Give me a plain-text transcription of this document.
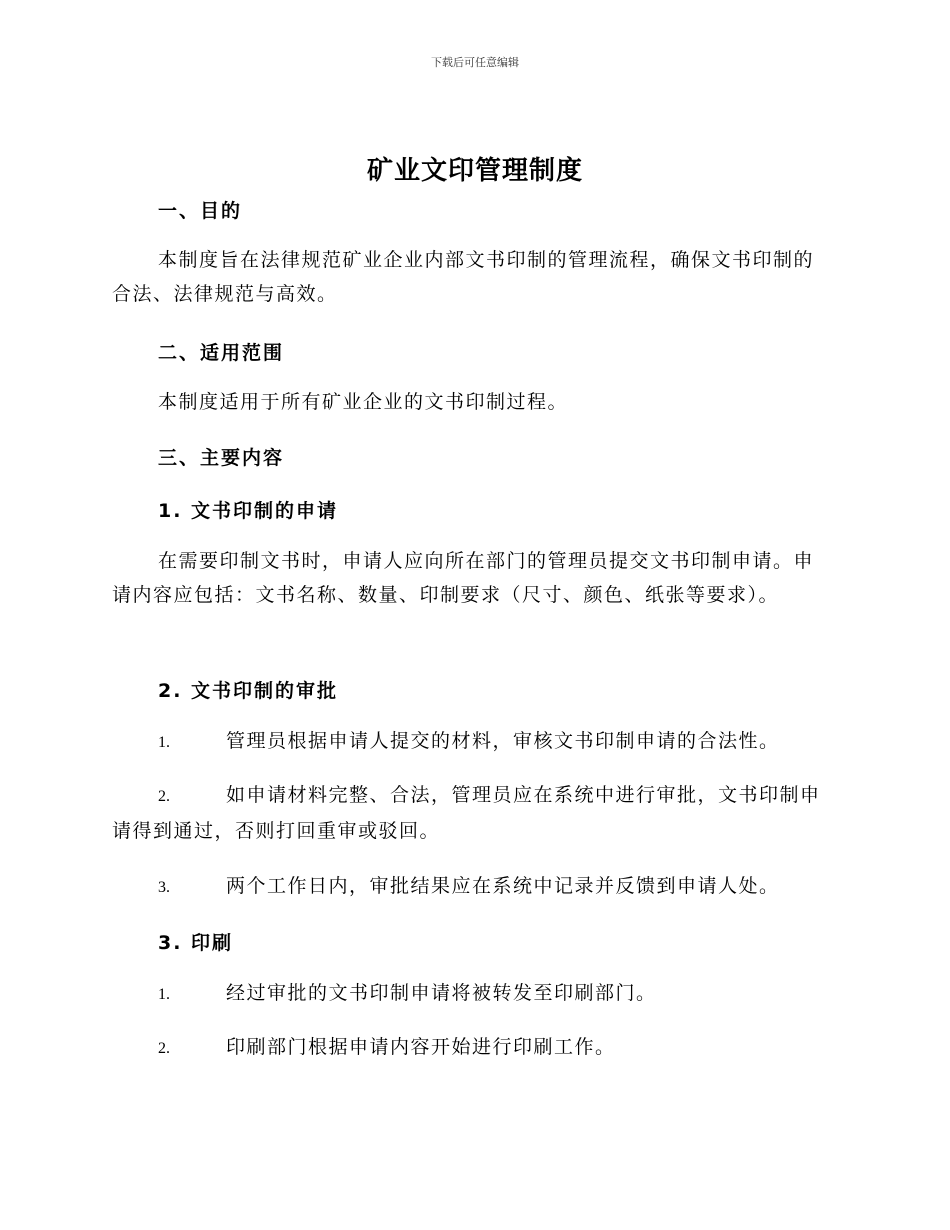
下载后可任意编辑
矿业文印管理制度
一、目的
本制度旨在法律规范矿业企业内部文书印制的管理流程，确保文书印制的合法、法律规范与高效。
二、适用范围
本制度适用于所有矿业企业的文书印制过程。
三、主要内容
1. 文书印制的申请
在需要印制文书时，申请人应向所在部门的管理员提交文书印制申请。申请内容应包括：文书名称、数量、印制要求（尺寸、颜色、纸张等要求）。
2. 文书印制的审批
1.	管理员根据申请人提交的材料，审核文书印制申请的合法性。
2.	如申请材料完整、合法，管理员应在系统中进行审批，文书印制申请得到通过，否则打回重审或驳回。
3.	两个工作日内，审批结果应在系统中记录并反馈到申请人处。
3. 印刷
1.	经过审批的文书印制申请将被转发至印刷部门。
2.	印刷部门根据申请内容开始进行印刷工作。
